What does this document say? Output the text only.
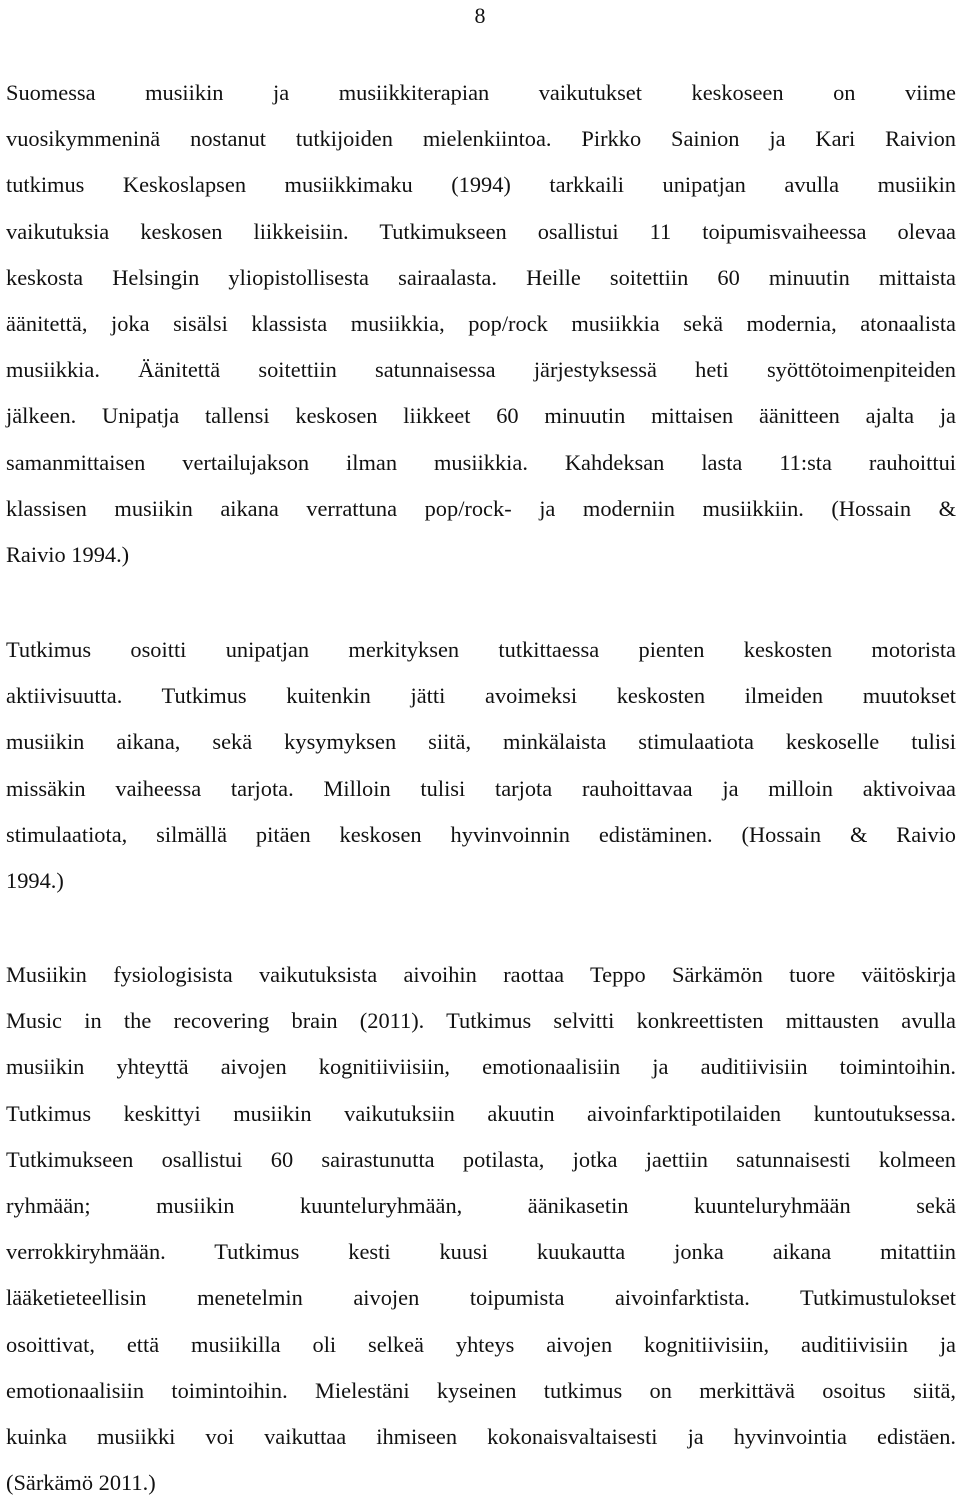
8
Suomessa musiikin ja musiikkiterapian vaikutukset keskoseen on viime
vuosikymmeninä nostanut tutkijoiden mielenkiintoa. Pirkko Sainion ja Kari Raivion
tutkimus Keskoslapsen musiikkimaku (1994) tarkkaili unipatjan avulla musiikin
vaikutuksia keskosen liikkeisiin. Tutkimukseen osallistui 11 toipumisvaiheessa olevaa
keskosta Helsingin yliopistollisesta sairaalasta. Heille soitettiin 60 minuutin mittaista
äänitettä, joka sisälsi klassista musiikkia, pop/rock musiikkia sekä modernia, atonaalista
musiikkia. Äänitettä soitettiin satunnaisessa järjestyksessä heti syöttötoimenpiteiden
jälkeen. Unipatja tallensi keskosen liikkeet 60 minuutin mittaisen äänitteen ajalta ja
samanmittaisen vertailujakson ilman musiikkia. Kahdeksan lasta 11:sta rauhoittui
klassisen musiikin aikana verrattuna pop/rock- ja moderniin musiikkiin. (Hossain &
Raivio 1994.)
Tutkimus osoitti unipatjan merkityksen tutkittaessa pienten keskosten motorista
aktiivisuutta. Tutkimus kuitenkin jätti avoimeksi keskosten ilmeiden muutokset
musiikin aikana, sekä kysymyksen siitä, minkälaista stimulaatiota keskoselle tulisi
missäkin vaiheessa tarjota. Milloin tulisi tarjota rauhoittavaa ja milloin aktivoivaa
stimulaatiota, silmällä pitäen keskosen hyvinvoinnin edistäminen. (Hossain & Raivio
1994.)
Musiikin fysiologisista vaikutuksista aivoihin raottaa Teppo Särkämön tuore väitöskirja
Music in the recovering brain (2011). Tutkimus selvitti konkreettisten mittausten avulla
musiikin yhteyttä aivojen kognitiiviisiin, emotionaalisiin ja auditiivisiin toimintoihin.
Tutkimus keskittyi musiikin vaikutuksiin akuutin aivoinfarktipotilaiden kuntoutuksessa.
Tutkimukseen osallistui 60 sairastunutta potilasta, jotka jaettiin satunnaisesti kolmeen
ryhmään; musiikin kuunteluryhmään, äänikasetin kuunteluryhmään sekä
verrokkiryhmään. Tutkimus kesti kuusi kuukautta jonka aikana mitattiin
lääketieteellisin menetelmin aivojen toipumista aivoinfarktista. Tutkimustulokset
osoittivat, että musiikilla oli selkeä yhteys aivojen kognitiivisiin, auditiivisiin ja
emotionaalisiin toimintoihin. Mielestäni kyseinen tutkimus on merkittävä osoitus siitä,
kuinka musiikki voi vaikuttaa ihmiseen kokonaisvaltaisesti ja hyvinvointia edistäen.
(Särkämö 2011.)
